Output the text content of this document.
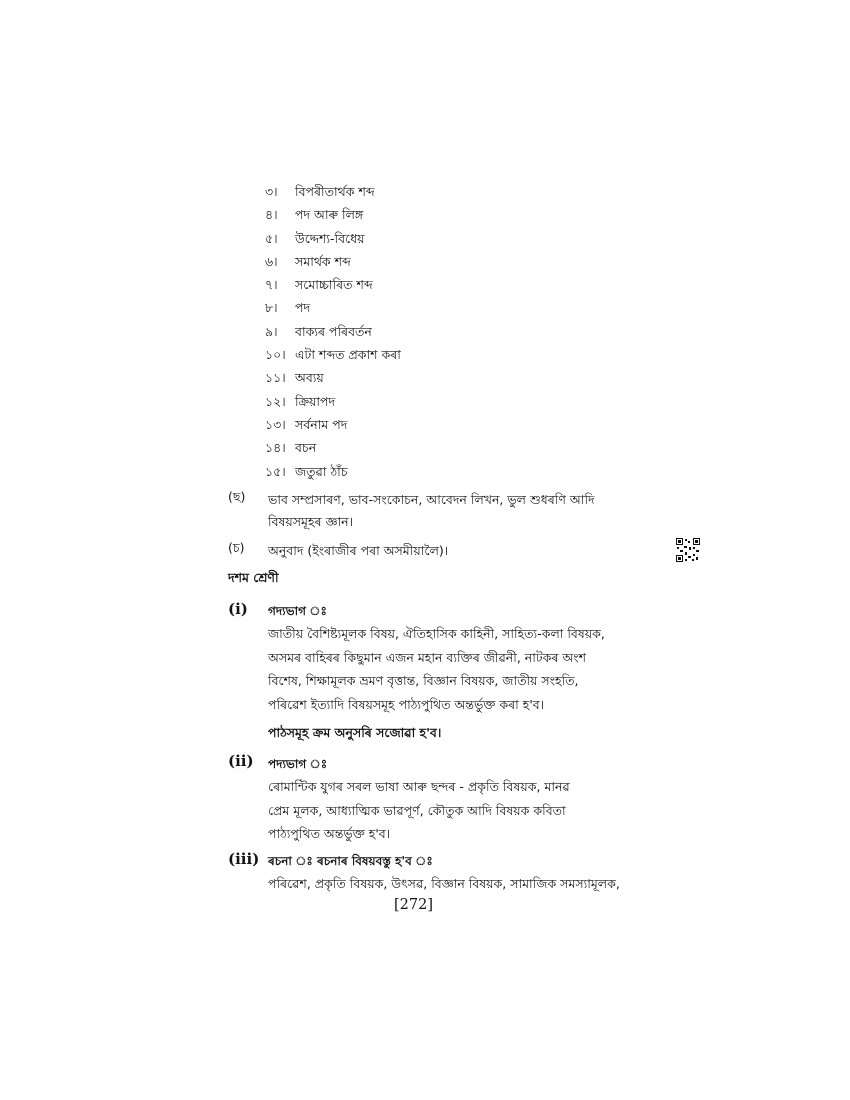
৩। বিপৰীতাৰ্থক শব্দ
৪। পদ আৰু লিঙ্গ
৫। উদ্দেশ্য-বিধেয়
৬। সমাৰ্থক শব্দ
৭। সমোচ্চাৰিত শব্দ
৮। পদ
৯। বাক্যৰ পৰিবৰ্তন
১০। এটা শব্দত প্ৰকাশ কৰা
১১। অব্যয়
১২। ক্ৰিয়াপদ
১৩। সৰ্বনাম পদ
১৪। বচন
১৫। জতুৱা ঠাঁচ
(ছ) ভাব সম্প্ৰসাৰণ, ভাব-সংকোচন, আবেদন লিখন, ভুল শুধৰণি আদি
বিষয়সমূহৰ জ্ঞান।
(চ) অনুবাদ (ইংৰাজীৰ পৰা অসমীয়ালৈ)।
দশম শ্ৰেণী
(i) গদ্যভাগ ঃ
জাতীয় বৈশিষ্ট্যমূলক বিষয়, ঐতিহাসিক কাহিনী, সাহিত্য-কলা বিষয়ক,
অসমৰ বাহিৰৰ কিছুমান এজন মহান ব্যক্তিৰ জীৱনী, নাটকৰ অংশ
বিশেষ, শিক্ষামূলক ভ্ৰমণ বৃত্তান্ত, বিজ্ঞান বিষয়ক, জাতীয় সংহতি,
পৰিৱেশ ইত্যাদি বিষয়সমূহ পাঠ্যপুথিত অন্তৰ্ভুক্ত কৰা হ'ব।
পাঠসমূহ ক্ৰম অনুসৰি সজোৱা হ'ব।
(ii) পদ্যভাগ ঃ
ৰোমান্টিক যুগৰ সৰল ভাষা আৰু ছন্দৰ - প্ৰকৃতি বিষয়ক, মানৱ
প্ৰেম মূলক, আধ্যাত্মিক ভাৱপূৰ্ণ, কৌতুক আদি বিষয়ক কবিতা
পাঠ্যপুথিত অন্তৰ্ভুক্ত হ'ব।
(iii) ৰচনা ঃ ৰচনাৰ বিষয়বস্তু হ'ব ঃ
পৰিৱেশ, প্ৰকৃতি বিষয়ক, উৎসৱ, বিজ্ঞান বিষয়ক, সামাজিক সমস্যামূলক,
[272]
